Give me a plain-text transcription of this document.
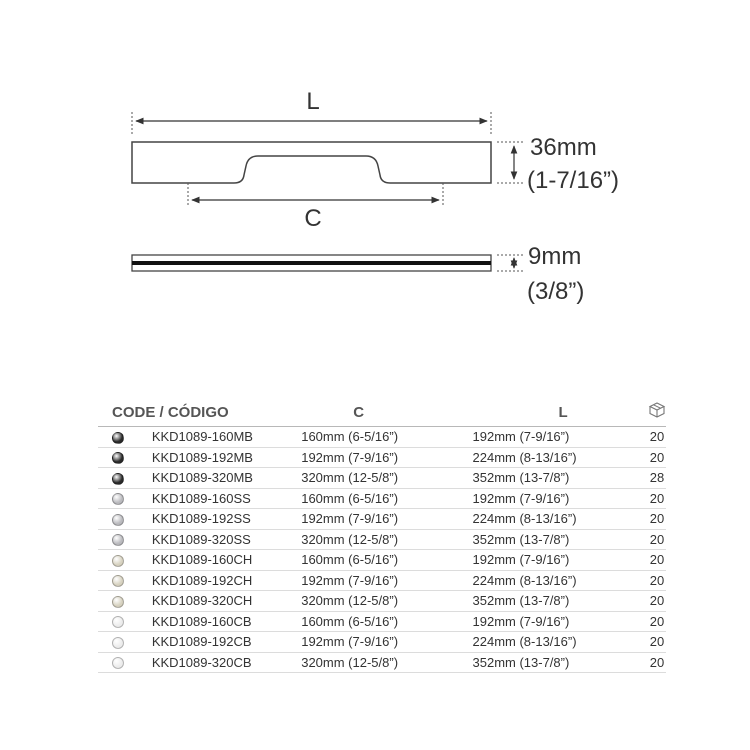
L
36mm
(1-7/16”)
C
9mm
(3/8”)
CODE / CÓDIGO		C	L	
	KKD1089-160MB	160mm (6-5/16”)	192mm (7-9/16”)	20
	KKD1089-192MB	192mm (7-9/16”)	224mm (8-13/16”)	20
	KKD1089-320MB	320mm (12-5/8”)	352mm (13-7/8”)	28
	KKD1089-160SS	160mm (6-5/16”)	192mm (7-9/16”)	20
	KKD1089-192SS	192mm (7-9/16”)	224mm (8-13/16”)	20
	KKD1089-320SS	320mm (12-5/8”)	352mm (13-7/8”)	20
	KKD1089-160CH	160mm (6-5/16”)	192mm (7-9/16”)	20
	KKD1089-192CH	192mm (7-9/16”)	224mm (8-13/16”)	20
	KKD1089-320CH	320mm (12-5/8”)	352mm (13-7/8”)	20
	KKD1089-160CB	160mm (6-5/16”)	192mm (7-9/16”)	20
	KKD1089-192CB	192mm (7-9/16”)	224mm (8-13/16”)	20
	KKD1089-320CB	320mm (12-5/8”)	352mm (13-7/8”)	20
